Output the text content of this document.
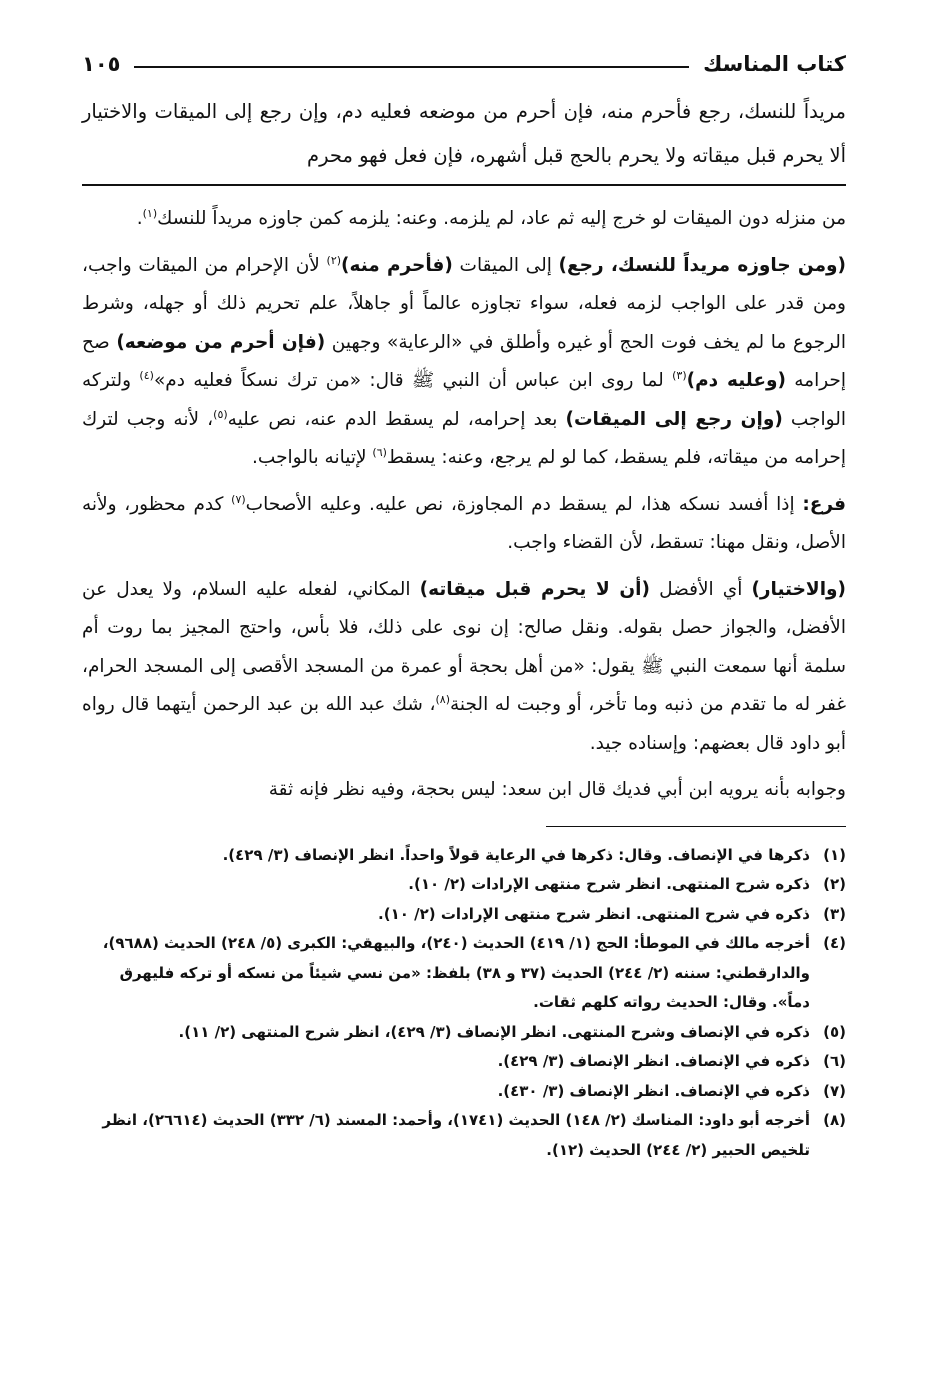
كتاب المناسك
١٠٥

مريداً للنسك، رجع فأحرم منه، فإن أحرم من موضعه فعليه دم، وإن رجع إلى الميقات والاختيار ألا يحرم قبل ميقاته ولا يحرم بالحج قبل أشهره، فإن فعل فهو محرم

من منزله دون الميقات لو خرج إليه ثم عاد، لم يلزمه. وعنه: يلزمه كمن جاوزه مريداً للنسك$^{(١)}$.

(ومن جاوزه مريداً للنسك، رجع) إلى الميقات (فأحرم منه)$^{(٢)}$ لأن الإحرام من الميقات واجب، ومن قدر على الواجب لزمه فعله، سواء تجاوزه عالماً أو جاهلاً، علم تحريم ذلك أو جهله، وشرط الرجوع ما لم يخف فوت الحج أو غيره وأطلق في «الرعاية» وجهين (فإن أحرم من موضعه) صح إحرامه (وعليه دم)$^{(٣)}$ لما روى ابن عباس أن النبي ﷺ قال: «من ترك نسكاً فعليه دم»$^{(٤)}$ ولتركه الواجب (وإن رجع إلى الميقات) بعد إحرامه، لم يسقط الدم عنه، نص عليه$^{(٥)}$، لأنه وجب لترك إحرامه من ميقاته، فلم يسقط، كما لو لم يرجع، وعنه: يسقط$^{(٦)}$ لإتيانه بالواجب.

فرع: إذا أفسد نسكه هذا، لم يسقط دم المجاوزة، نص عليه. وعليه الأصحاب$^{(٧)}$ كدم محظور، ولأنه الأصل، ونقل مهنا: تسقط، لأن القضاء واجب.

(والاختيار) أي الأفضل (أن لا يحرم قبل ميقاته) المكاني، لفعله عليه السلام، ولا يعدل عن الأفضل، والجواز حصل بقوله. ونقل صالح: إن نوى على ذلك، فلا بأس، واحتج المجيز بما روت أم سلمة أنها سمعت النبي ﷺ يقول: «من أهل بحجة أو عمرة من المسجد الأقصى إلى المسجد الحرام، غفر له ما تقدم من ذنبه وما تأخر، أو وجبت له الجنة$^{(٨)}$، شك عبد الله بن عبد الرحمن أيتهما قال رواه أبو داود قال بعضهم: وإسناده جيد.

وجوابه بأنه يرويه ابن أبي فديك قال ابن سعد: ليس بحجة، وفيه نظر فإنه ثقة

(١)
ذكرها في الإنصاف. وقال: ذكرها في الرعاية قولاً واحداً. انظر الإنصاف (٣/ ٤٢٩).
(٢)
ذكره شرح المنتهى. انظر شرح منتهى الإرادات (٢/ ١٠).
(٣)
ذكره في شرح المنتهى. انظر شرح منتهى الإرادات (٢/ ١٠).
(٤)
أخرجه مالك في الموطأ: الحج (١/ ٤١٩) الحديث (٢٤٠)، والبيهقي: الكبرى (٥/ ٢٤٨) الحديث (٩٦٨٨)، والدارقطني: سننه (٢/ ٢٤٤) الحديث (٣٧ و ٣٨) بلفظ: «من نسي شيئاً من نسكه أو تركه فليهرق دماً». وقال: الحديث رواته كلهم ثقات.
(٥)
ذكره في الإنصاف وشرح المنتهى. انظر الإنصاف (٣/ ٤٢٩)، انظر شرح المنتهى (٢/ ١١).
(٦)
ذكره في الإنصاف. انظر الإنصاف (٣/ ٤٢٩).
(٧)
ذكره في الإنصاف. انظر الإنصاف (٣/ ٤٣٠).
(٨)
أخرجه أبو داود: المناسك (٢/ ١٤٨) الحديث (١٧٤١)، وأحمد: المسند (٦/ ٣٣٢) الحديث (٢٦٦١٤)، انظر تلخيص الحبير (٢/ ٢٤٤) الحديث (١٢).
